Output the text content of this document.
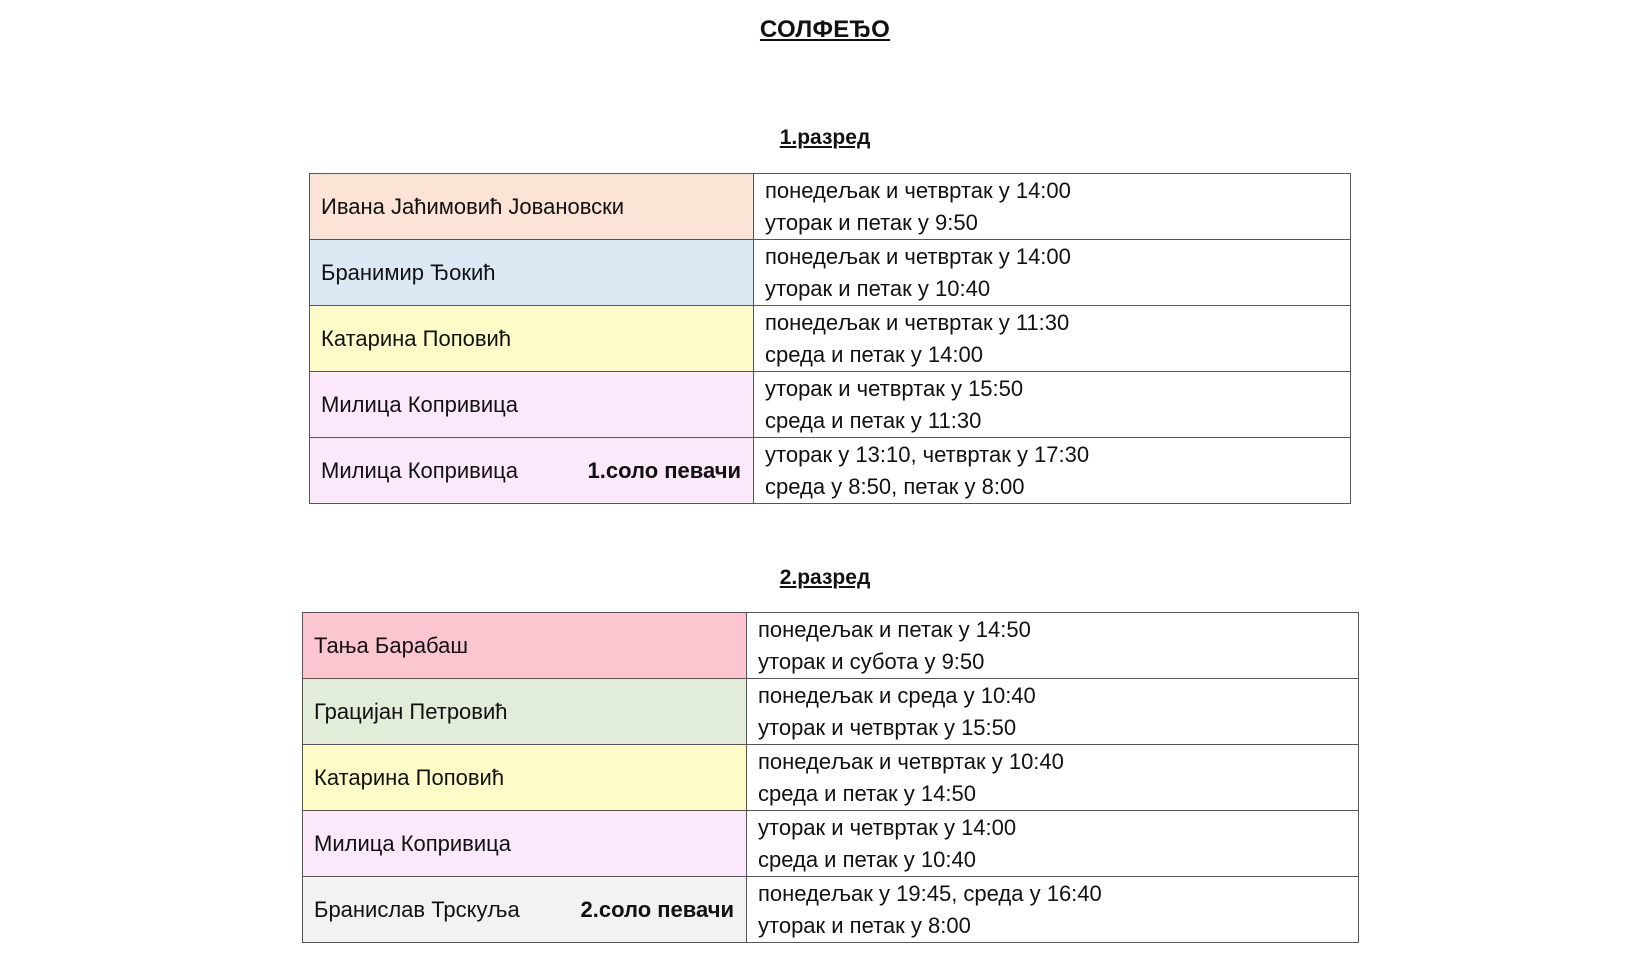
СОЛФЕЂО
1.разред
Ивана Јаћимовић Јовановски	понедељак и четвртак у 14:00
уторак и петак у 9:50

Бранимир Ђокић	понедељак и четвртак у 14:00
уторак и петак у 10:40

Катарина Поповић	понедељак и четвртак у 11:30
среда и петак у 14:00

Милица Копривица	уторак и четвртак у 15:50
среда и петак у 11:30

Милица Копривица 1.соло певачи	уторак у 13:10, четвртак у 17:30
среда у 8:50, петак у 8:00
2.разред
Тања Барабаш	понедељак и петак у 14:50
уторак и субота у 9:50

Грацијан Петровић	понедељак и среда у 10:40
уторак и четвртак у 15:50

Катарина Поповић	понедељак и четвртак у 10:40
среда и петак у 14:50

Милица Копривица	уторак и четвртак у 14:00
среда и петак у 10:40

Бранислав Трскуља 2.соло певачи	понедељак у 19:45, среда у 16:40
уторак и петак у 8:00
